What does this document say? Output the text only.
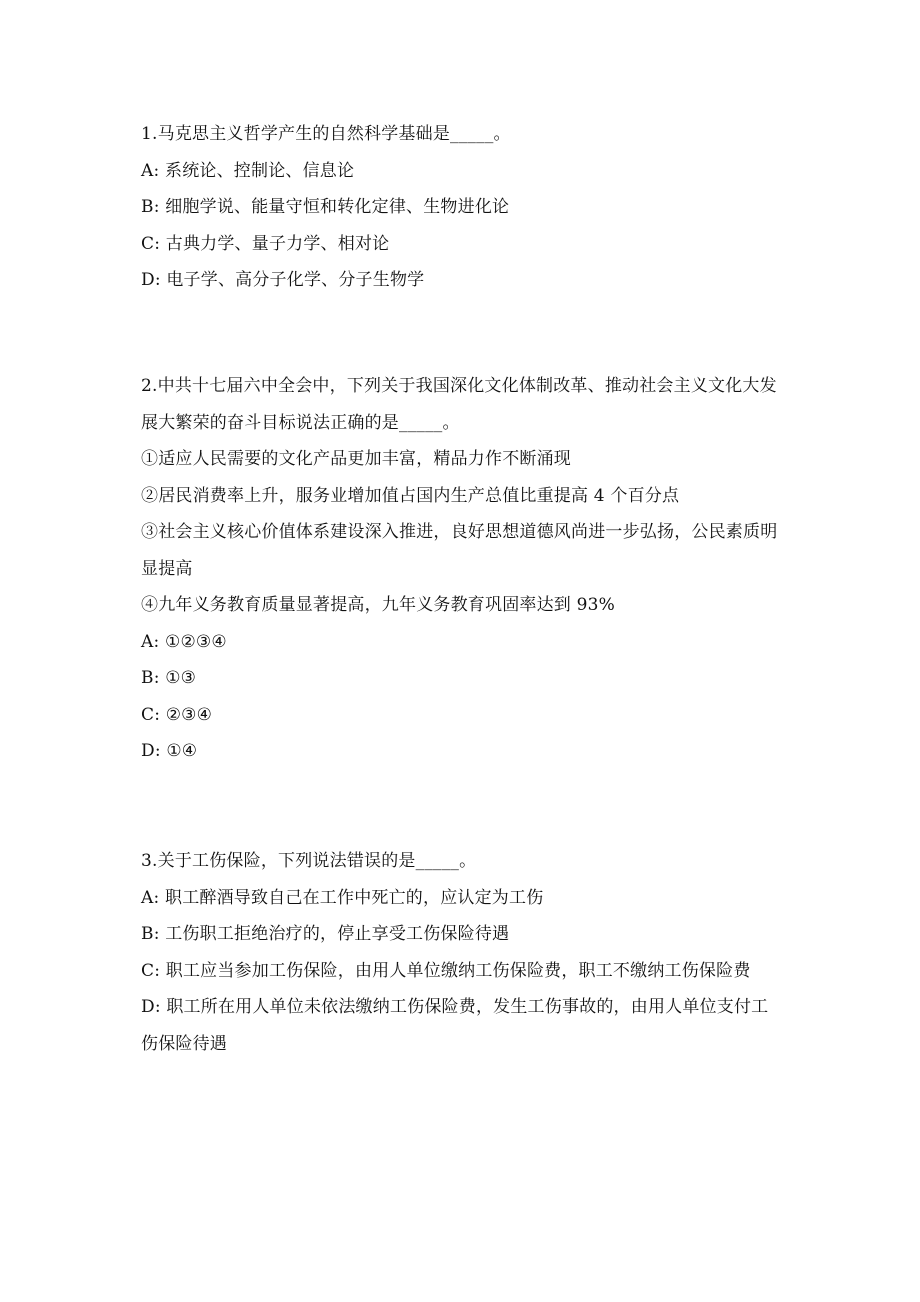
1.马克思主义哲学产生的自然科学基础是_____。
A: 系统论、控制论、信息论
B: 细胞学说、能量守恒和转化定律、生物进化论
C: 古典力学、量子力学、相对论
D: 电子学、高分子化学、分子生物学
2.中共十七届六中全会中，下列关于我国深化文化体制改革、推动社会主义文化大发展大繁荣的奋斗目标说法正确的是_____。
①适应人民需要的文化产品更加丰富，精品力作不断涌现
②居民消费率上升，服务业增加值占国内生产总值比重提高 4 个百分点
③社会主义核心价值体系建设深入推进，良好思想道德风尚进一步弘扬，公民素质明显提高
④九年义务教育质量显著提高，九年义务教育巩固率达到 93%
A: ①②③④
B: ①③
C: ②③④
D: ①④
3.关于工伤保险，下列说法错误的是_____。
A: 职工醉酒导致自己在工作中死亡的，应认定为工伤
B: 工伤职工拒绝治疗的，停止享受工伤保险待遇
C: 职工应当参加工伤保险，由用人单位缴纳工伤保险费，职工不缴纳工伤保险费
D: 职工所在用人单位未依法缴纳工伤保险费，发生工伤事故的，由用人单位支付工伤保险待遇
